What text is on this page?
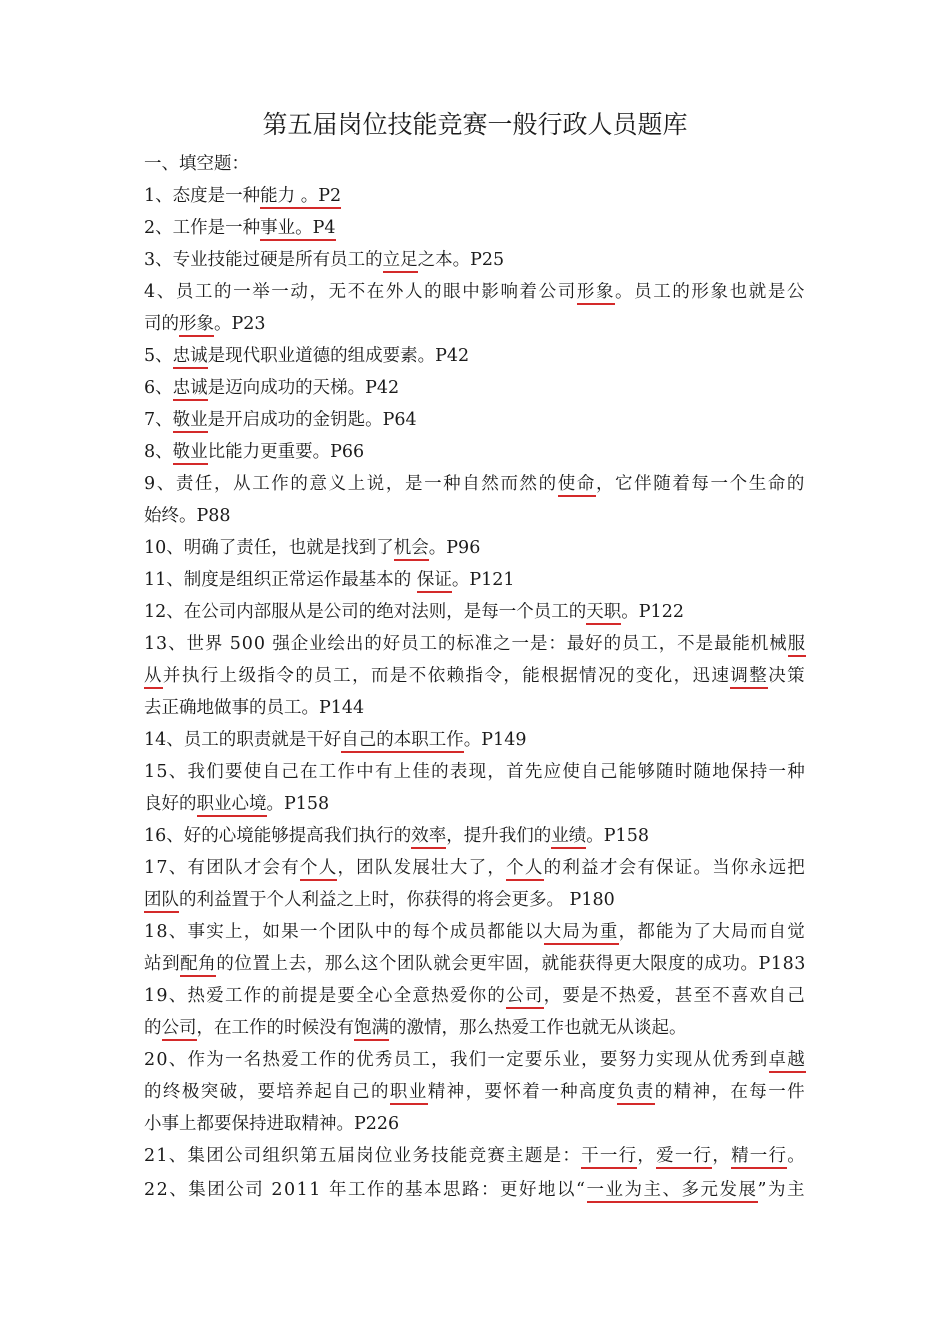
第五届岗位技能竞赛一般行政人员题库
一、填空题：
1、态度是一种能力 。P2
2、工作是一种事业。P4
3、专业技能过硬是所有员工的立足之本。P25
4、员工的一举一动，无不在外人的眼中影响着公司形象。员工的形象也就是公
司的形象。P23
5、忠诚是现代职业道德的组成要素。P42
6、忠诚是迈向成功的天梯。P42
7、敬业是开启成功的金钥匙。P64
8、敬业比能力更重要。P66
9、责任，从工作的意义上说，是一种自然而然的使命，它伴随着每一个生命的
始终。P88
10、明确了责任，也就是找到了机会。P96
11、制度是组织正常运作最基本的 保证。P121
12、在公司内部服从是公司的绝对法则，是每一个员工的天职。P122
13、世界 500 强企业绘出的好员工的标准之一是：最好的员工，不是最能机械服
从并执行上级指令的员工，而是不依赖指令，能根据情况的变化，迅速调整决策
去正确地做事的员工。P144
14、员工的职责就是干好自己的本职工作。P149
15、我们要使自己在工作中有上佳的表现，首先应使自己能够随时随地保持一种
良好的职业心境。P158
16、好的心境能够提高我们执行的效率，提升我们的业绩。P158
17、有团队才会有个人，团队发展壮大了，个人的利益才会有保证。当你永远把
团队的利益置于个人利益之上时，你获得的将会更多。 P180
18、事实上，如果一个团队中的每个成员都能以大局为重，都能为了大局而自觉
站到配角的位置上去，那么这个团队就会更牢固，就能获得更大限度的成功。P183
19、热爱工作的前提是要全心全意热爱你的公司，要是不热爱，甚至不喜欢自己
的公司，在工作的时候没有饱满的激情，那么热爱工作也就无从谈起。
20、作为一名热爱工作的优秀员工，我们一定要乐业，要努力实现从优秀到卓越
的终极突破，要培养起自己的职业精神，要怀着一种高度负责的精神，在每一件
小事上都要保持进取精神。P226
21、集团公司组织第五届岗位业务技能竞赛主题是：干一行，爱一行，精一行。
22、集团公司 2011 年工作的基本思路：更好地以“一业为主、多元发展”为主
